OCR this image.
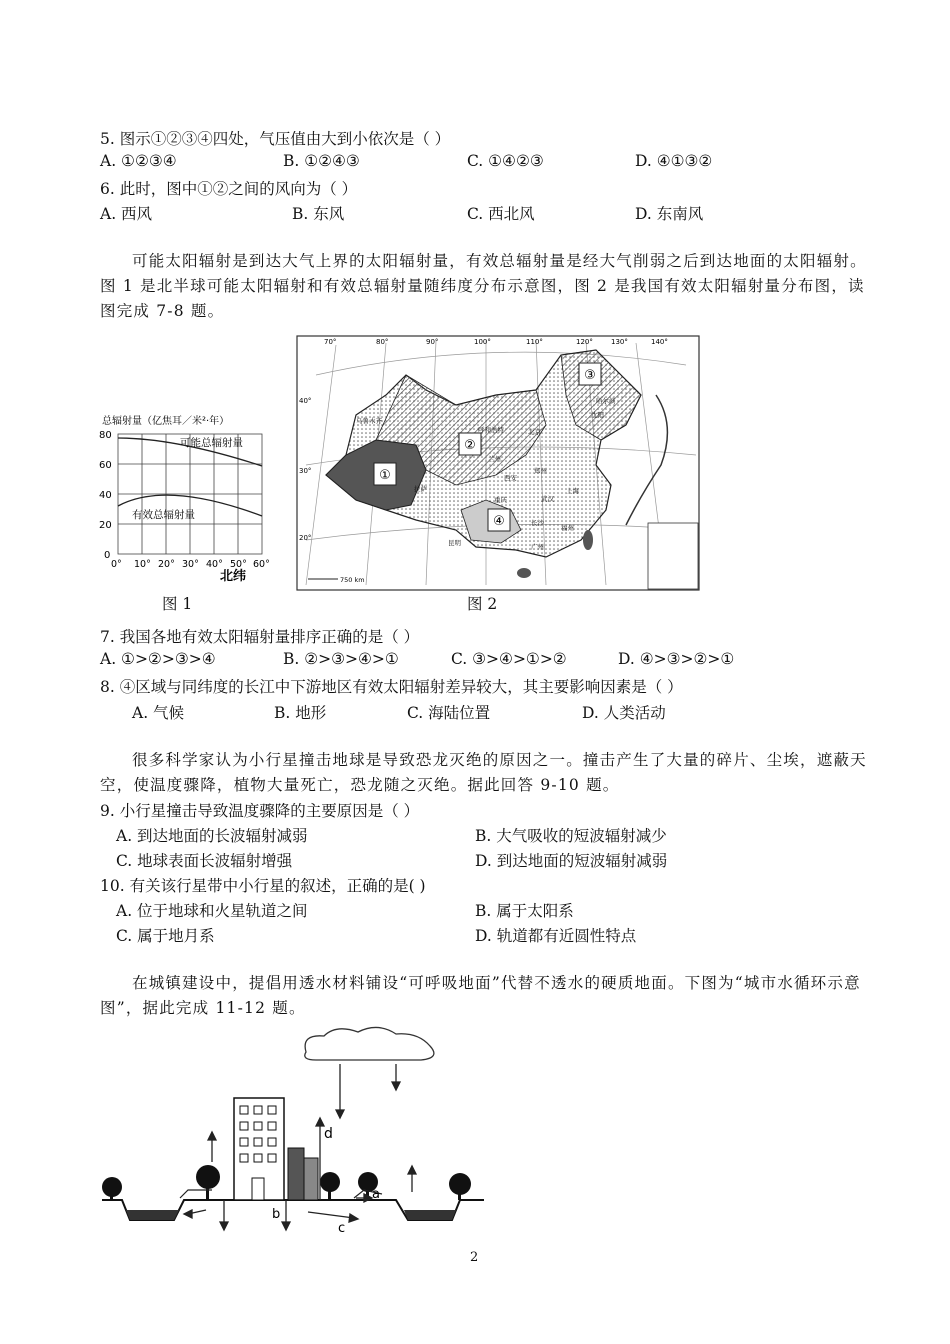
5. 图示①②③④四处，气压值由大到小依次是（ ）
A. ①②③④	B. ①②④③	C. ①④②③	D. ④①③②
6. 此时，图中①②之间的风向为（ ）
A. 西风	B. 东风	C. 西北风	D. 东南风
可能太阳辐射是到达大气上界的太阳辐射量，有效总辐射量是经大气削弱之后到达地面的太阳辐射。图 1 是北半球可能太阳辐射和有效总辐射量随纬度分布示意图，图 2 是我国有效太阳辐射量分布图，读图完成 7-8 题。
总辐射量（亿焦耳／米²·年）
可能总辐射量
有效总辐射量
80
60
40
20
0
0° 10° 20° 30° 40° 50° 60°
北纬
图 1
①
②
③
④
70°	80°	90°	100°	110°	120°	130°	140°
40°
30°
20°
乌鲁木齐
呼和浩特	北京
哈尔滨
沈阳
拉萨
兰州
西安
郑州
上海
重庆	武汉
长沙
福州
昆明	广州
750 km
图 2
7. 我国各地有效太阳辐射量排序正确的是（ ）
A. ①>②>③>④	B. ②>③>④>①	C. ③>④>①>②	D. ④>③>②>①
8. ④区域与同纬度的长江中下游地区有效太阳辐射差异较大，其主要影响因素是（ ）
A. 气候	B. 地形	C. 海陆位置	D. 人类活动
很多科学家认为小行星撞击地球是导致恐龙灭绝的原因之一。撞击产生了大量的碎片、尘埃，遮蔽天空，使温度骤降，植物大量死亡，恐龙随之灭绝。据此回答 9-10 题。
9. 小行星撞击导致温度骤降的主要原因是（ ）
A. 到达地面的长波辐射减弱	B. 大气吸收的短波辐射减少
C. 地球表面长波辐射增强	D. 到达地面的短波辐射减弱
10. 有关该行星带中小行星的叙述，正确的是( )
A. 位于地球和火星轨道之间	B. 属于太阳系
C. 属于地月系	D. 轨道都有近圆性特点
在城镇建设中，提倡用透水材料铺设“可呼吸地面”代替不透水的硬质地面。下图为“城市水循环示意图”，据此完成 11-12 题。
a
b
c
d
2
